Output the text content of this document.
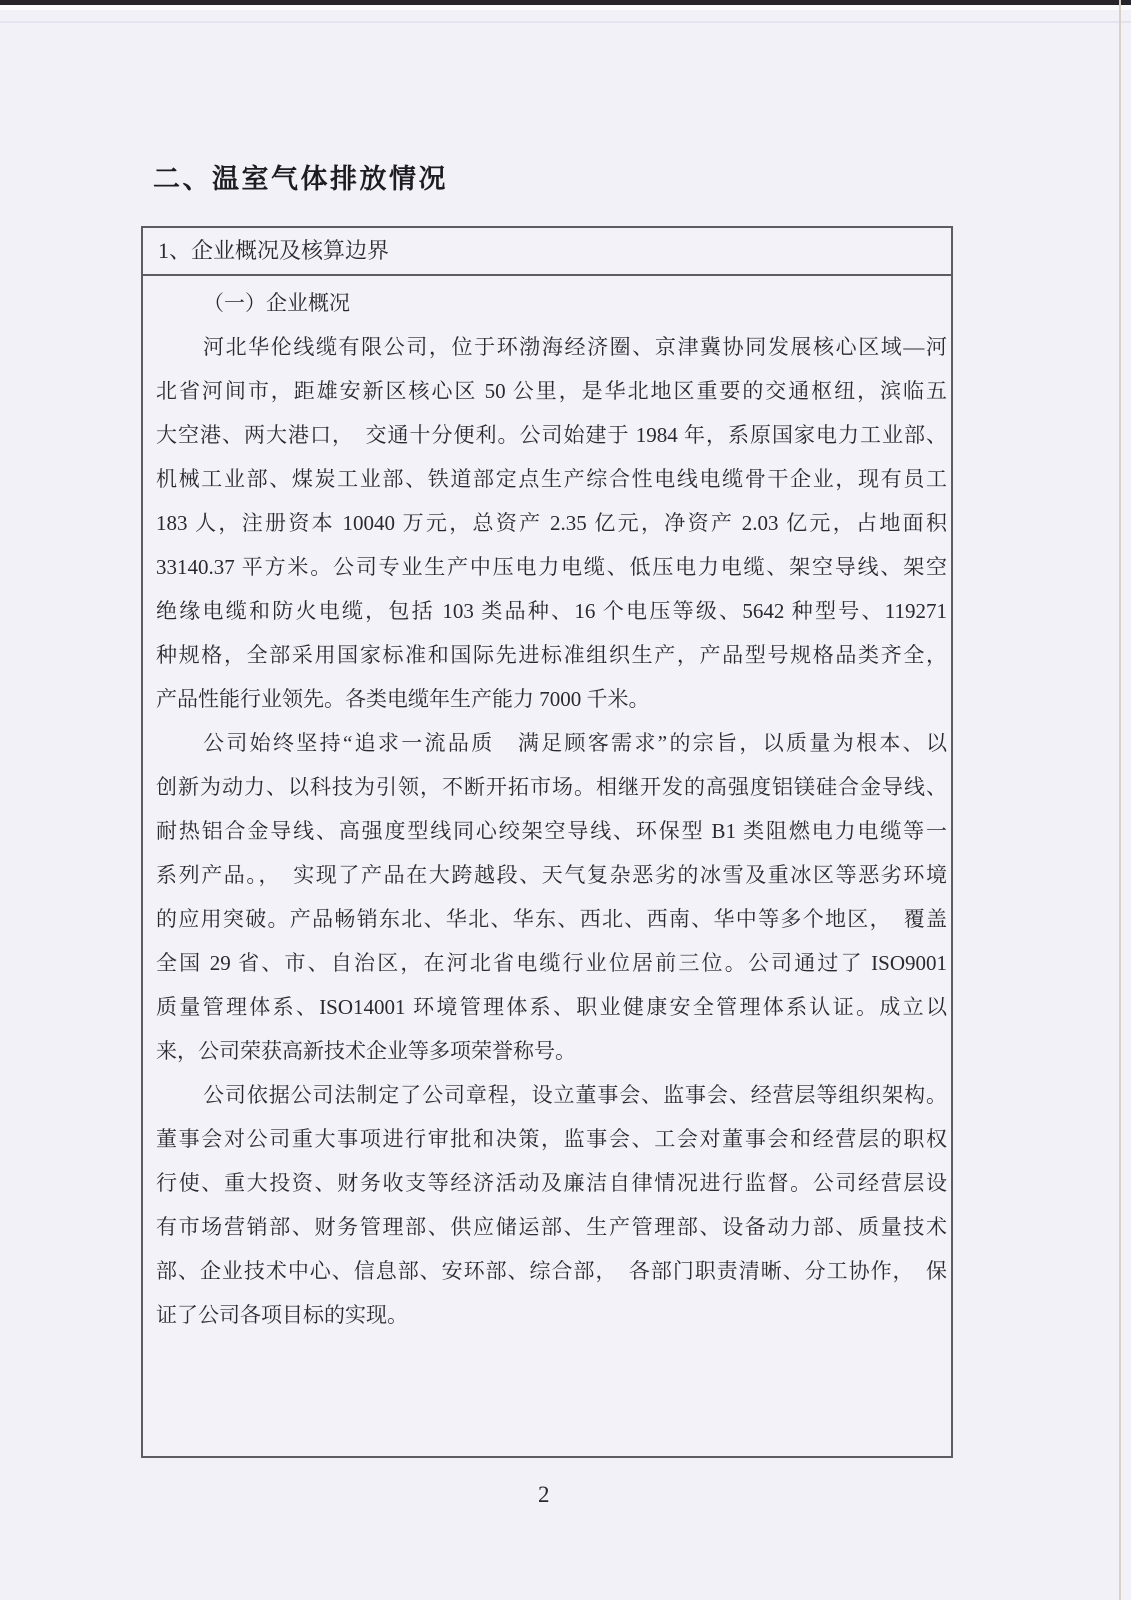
二、温室气体排放情况
1、企业概况及核算边界
（一）企业概况
河北华伦线缆有限公司，位于环渤海经济圈、京津冀协同发展核心区域—河
北省河间市，距雄安新区核心区 50 公里，是华北地区重要的交通枢纽，滨临五
大空港、两大港口，　交通十分便利。公司始建于 1984 年，系原国家电力工业部、
机械工业部、煤炭工业部、铁道部定点生产综合性电线电缆骨干企业，现有员工
183 人，注册资本 10040 万元，总资产 2.35 亿元，净资产 2.03 亿元，占地面积
33140.37 平方米。公司专业生产中压电力电缆、低压电力电缆、架空导线、架空
绝缘电缆和防火电缆，包括 103 类品种、16 个电压等级、5642 种型号、119271
种规格，全部采用国家标准和国际先进标准组织生产，产品型号规格品类齐全，
产品性能行业领先。各类电缆年生产能力 7000 千米。
公司始终坚持“追求一流品质　满足顾客需求”的宗旨，以质量为根本、以
创新为动力、以科技为引领，不断开拓市场。相继开发的高强度铝镁硅合金导线、
耐热铝合金导线、高强度型线同心绞架空导线、环保型 B1 类阻燃电力电缆等一
系列产品。，　实现了产品在大跨越段、天气复杂恶劣的冰雪及重冰区等恶劣环境
的应用突破。产品畅销东北、华北、华东、西北、西南、华中等多个地区，　覆盖
全国 29 省、市、自治区，在河北省电缆行业位居前三位。公司通过了 ISO9001
质量管理体系、ISO14001 环境管理体系、职业健康安全管理体系认证。成立以
来，公司荣获高新技术企业等多项荣誉称号。
公司依据公司法制定了公司章程，设立董事会、监事会、经营层等组织架构。
董事会对公司重大事项进行审批和决策，监事会、工会对董事会和经营层的职权
行使、重大投资、财务收支等经济活动及廉洁自律情况进行监督。公司经营层设
有市场营销部、财务管理部、供应储运部、生产管理部、设备动力部、质量技术
部、企业技术中心、信息部、安环部、综合部，　各部门职责清晰、分工协作，　保
证了公司各项目标的实现。
2
